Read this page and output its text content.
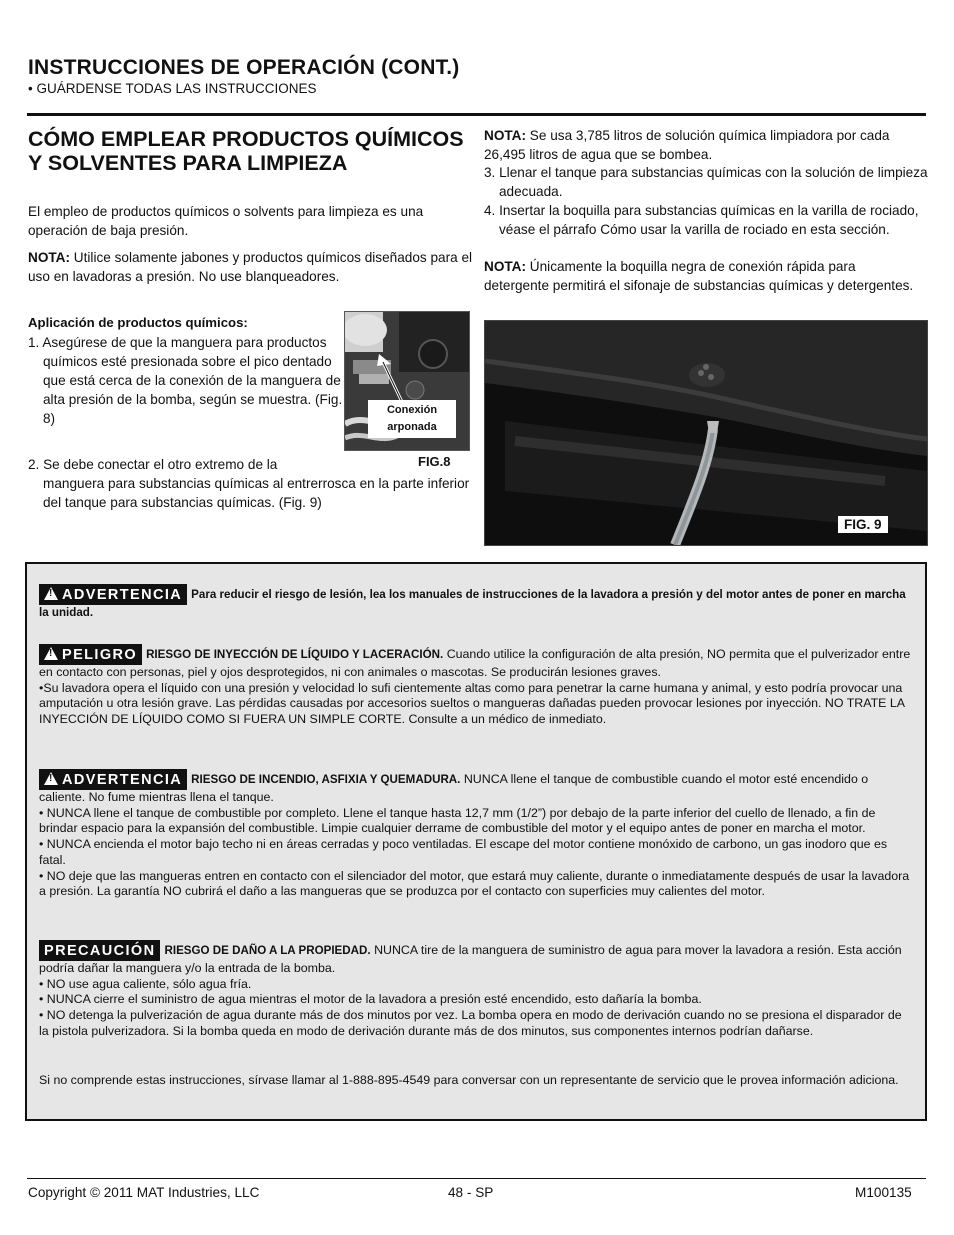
INSTRUCCIONES DE OPERACIÓN (CONT.)
• GUÁRDENSE TODAS LAS INSTRUCCIONES
CÓMO EMPLEAR PRODUCTOS QUÍMICOS Y SOLVENTES PARA LIMPIEZA

El empleo de productos químicos o solvents para limpieza es una operación de baja presión.

NOTA: Utilice solamente jabones y productos químicos diseñados para el uso en lavadoras a presión. No use blanqueadores.

Aplicación de productos químicos:

1. Asegúrese de que la manguera para productos químicos esté presionada sobre el pico dentado que está cerca de la conexión de la manguera de alta presión de la bomba, según se muestra. (Fig. 8)

2. Se debe conectar el otro extremo de la
manguera para substancias químicas al entrerrosca en la parte inferior del tanque para substancias químicas. (Fig. 9)

Conexión
arponada
FIG.8

NOTA: Se usa 3,785 litros de solución química limpiadora por cada 26,495 litros de agua que se bombea.

3. Llenar el tanque para substancias químicas con la solución de limpieza adecuada.

4. Insertar la boquilla para substancias químicas en la varilla de rociado, véase el párrafo Cómo usar la varilla de rociado en esta sección.

NOTA: Únicamente la boquilla negra de conexión rápida para detergente permitirá el sifonaje de substancias químicas y detergentes.

FIG. 9
! ADVERTENCIA Para reducir el riesgo de lesión, lea los manuales de instrucciones de la lavadora a presión y del motor antes de poner en marcha la unidad.
! PELIGRO RIESGO DE INYECCIÓN DE LÍQUIDO Y LACERACIÓN. Cuando utilice la configuración de alta presión, NO permita que el pulverizador entre en contacto con personas, piel y ojos desprotegidos, ni con animales o mascotas. Se producirán lesiones graves.
•Su lavadora opera el líquido con una presión y velocidad lo sufi cientemente altas como para penetrar la carne humana y animal, y esto podría provocar una amputación u otra lesión grave. Las pérdidas causadas por accesorios sueltos o mangueras dañadas pueden provocar lesiones por inyección. NO TRATE LA INYECCIÓN DE LÍQUIDO COMO SI FUERA UN SIMPLE CORTE. Consulte a un médico de inmediato.
! ADVERTENCIA RIESGO DE INCENDIO, ASFIXIA Y QUEMADURA. NUNCA llene el tanque de combustible cuando el motor esté encendido o caliente. No fume mientras llena el tanque.
• NUNCA llene el tanque de combustible por completo. Llene el tanque hasta 12,7 mm (1/2”) por debajo de la parte inferior del cuello de llenado, a fin de brindar espacio para la expansión del combustible. Limpie cualquier derrame de combustible del motor y el equipo antes de poner en marcha el motor.
• NUNCA encienda el motor bajo techo ni en áreas cerradas y poco ventiladas. El escape del motor contiene monóxido de carbono, un gas inodoro que es fatal.
• NO deje que las mangueras entren en contacto con el silenciador del motor, que estará muy caliente, durante o inmediatamente después de usar la lavadora a presión. La garantía NO cubrirá el daño a las mangueras que se produzca por el contacto con superficies muy calientes del motor.
PRECAUCIÓN RIESGO DE DAÑO A LA PROPIEDAD. NUNCA tire de la manguera de suministro de agua para mover la lavadora a resión. Esta acción podría dañar la manguera y/o la entrada de la bomba.
• NO use agua caliente, sólo agua fría.
• NUNCA cierre el suministro de agua mientras el motor de la lavadora a presión esté encendido, esto dañaría la bomba.
• NO detenga la pulverización de agua durante más de dos minutos por vez. La bomba opera en modo de derivación cuando no se presiona el disparador de la pistola pulverizadora. Si la bomba queda en modo de derivación durante más de dos minutos, sus componentes internos podrían dañarse.
Si no comprende estas instrucciones, sírvase llamar al 1-888-895-4549 para conversar con un representante de servicio que le provea información adiciona.
Copyright © 2011 MAT Industries, LLC	48 - SP	M100135
